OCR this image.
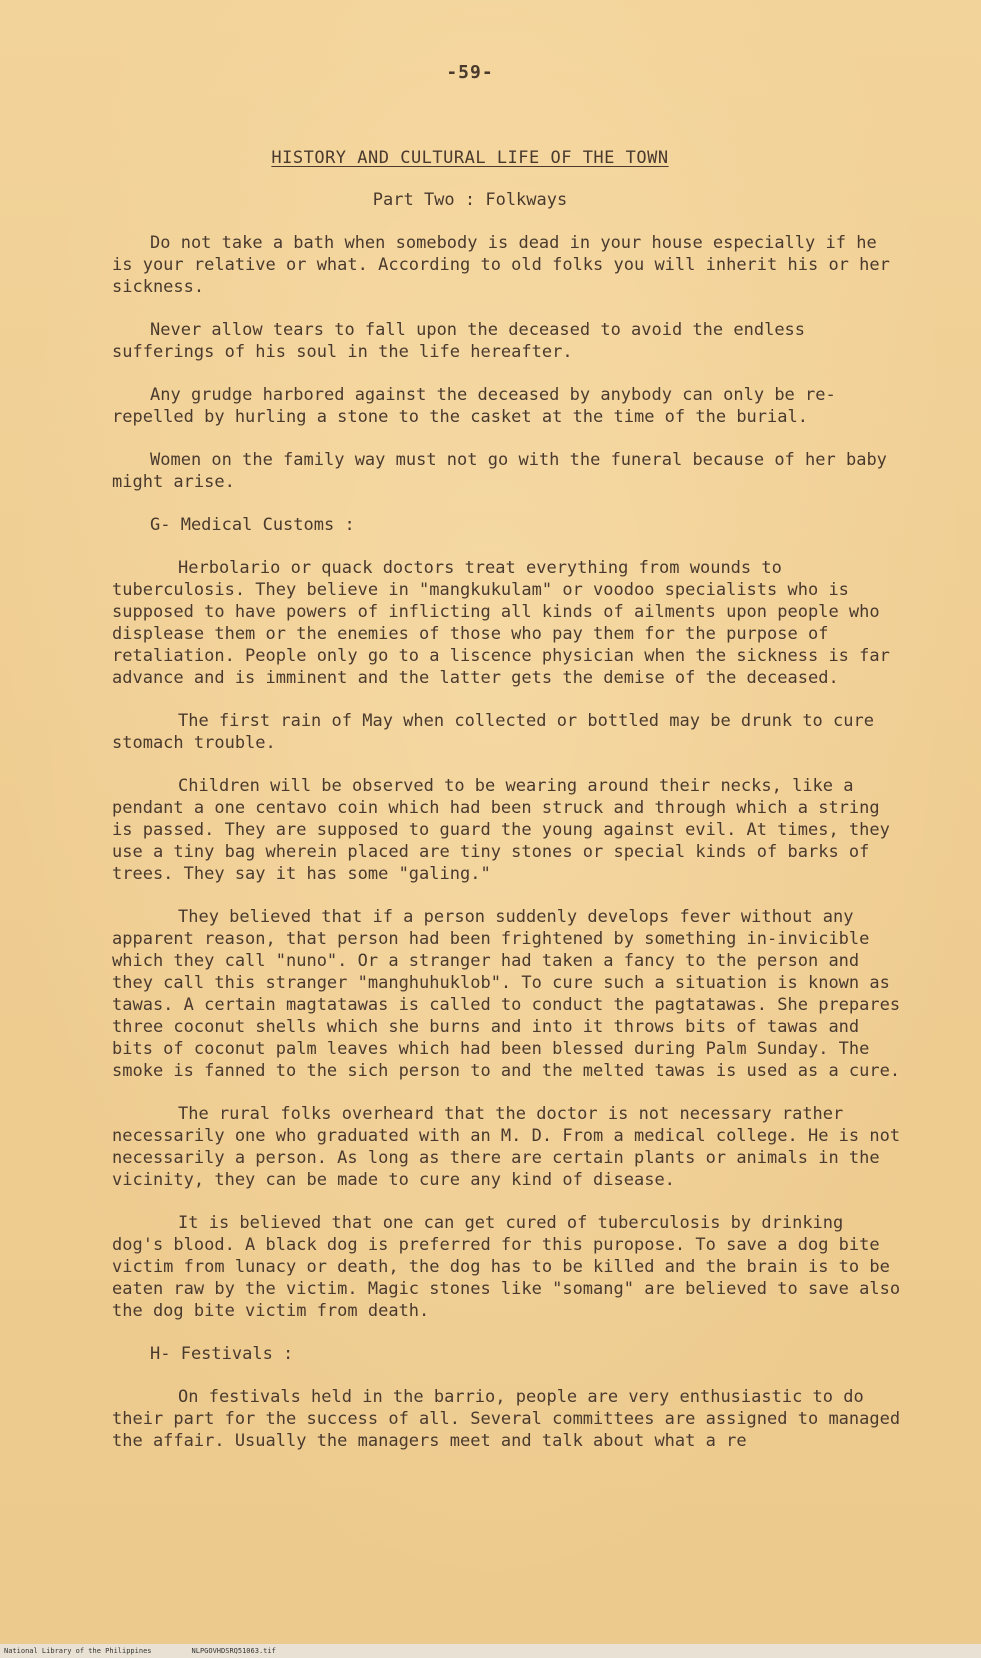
-59-
HISTORY AND CULTURAL LIFE OF THE TOWN
Part Two : Folkways

Do not take a bath when somebody is dead in your house especially if he is your relative or what. According to old folks you will inherit his or her sickness.

Never allow tears to fall upon the deceased to avoid the endless sufferings of his soul in the life hereafter.

Any grudge harbored against the deceased by anybody can only be re-repelled by hurling a stone to the casket at the time of the burial.

Women on the family way must not go with the funeral because of her baby might arise.

G- Medical Customs :

Herbolario or quack doctors treat everything from wounds to tuberculosis. They believe in "mangkukulam" or voodoo specialists who is supposed to have powers of inflicting all kinds of ailments upon people who displease them or the enemies of those who pay them for the purpose of retaliation. People only go to a liscence physician when the sickness is far advance and is imminent and the latter gets the demise of the deceased.

The first rain of May when collected or bottled may be drunk to cure stomach trouble.

Children will be observed to be wearing around their necks, like a pendant a one centavo coin which had been struck and through which a string is passed. They are supposed to guard the young against evil. At times, they use a tiny bag wherein placed are tiny stones or special kinds of barks of trees. They say it has some "galing."

They believed that if a person suddenly develops fever without any apparent reason, that person had been frightened by something in-invicible which they call "nuno". Or a stranger had taken a fancy to the person and they call this stranger "manghuhuklob". To cure such a situation is known as tawas. A certain magtatawas is called to conduct the pagtatawas. She prepares three coconut shells which she burns and into it throws bits of tawas and bits of coconut palm leaves which had been blessed during Palm Sunday. The smoke is fanned to the sich person to and the melted tawas is used as a cure.

The rural folks overheard that the doctor is not necessary rather necessarily one who graduated with an M. D. From a medical college. He is not necessarily a person. As long as there are certain plants or animals in the vicinity, they can be made to cure any kind of disease.

It is believed that one can get cured of tuberculosis by drinking dog's blood. A black dog is preferred for this puropose. To save a dog bite victim from lunacy or death, the dog has to be killed and the brain is to be eaten raw by the victim. Magic stones like "somang" are believed to save also the dog bite victim from death.

H- Festivals :

On festivals held in the barrio, people are very enthusiastic to do their part for the success of all. Several committees are assigned to managed the affair. Usually the managers meet and talk about what a re

National Library of the Philippines	NLPGOVHDSRQ51063.tif
